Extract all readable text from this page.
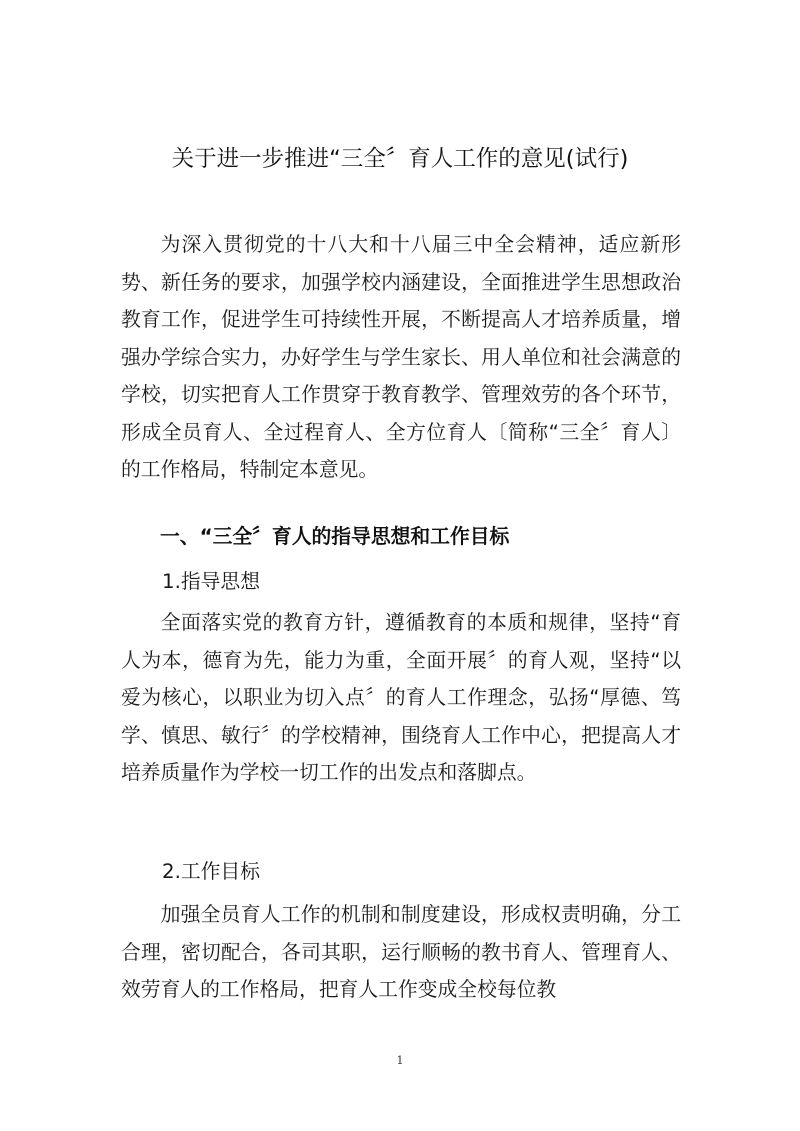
关于进一步推进“三全〞育人工作的意见(试行)

为深入贯彻党的十八大和十八届三中全会精神，适应新形势、新任务的要求，加强学校内涵建设，全面推进学生思想政治教育工作，促进学生可持续性开展，不断提高人才培养质量，增强办学综合实力，办好学生与学生家长、用人单位和社会满意的学校，切实把育人工作贯穿于教育教学、管理效劳的各个环节，形成全员育人、全过程育人、全方位育人〔简称“三全〞育人〕的工作格局，特制定本意见。

一、“三全〞育人的指导思想和工作目标

1.指导思想

全面落实党的教育方针，遵循教育的本质和规律，坚持“育人为本，德育为先，能力为重，全面开展〞的育人观，坚持“以爱为核心，以职业为切入点〞的育人工作理念，弘扬“厚德、笃学、慎思、敏行〞的学校精神，围绕育人工作中心，把提高人才培养质量作为学校一切工作的出发点和落脚点。

2.工作目标

加强全员育人工作的机制和制度建设，形成权责明确，分工合理，密切配合，各司其职，运行顺畅的教书育人、管理育人、效劳育人的工作格局，把育人工作变成全校每位教

1
